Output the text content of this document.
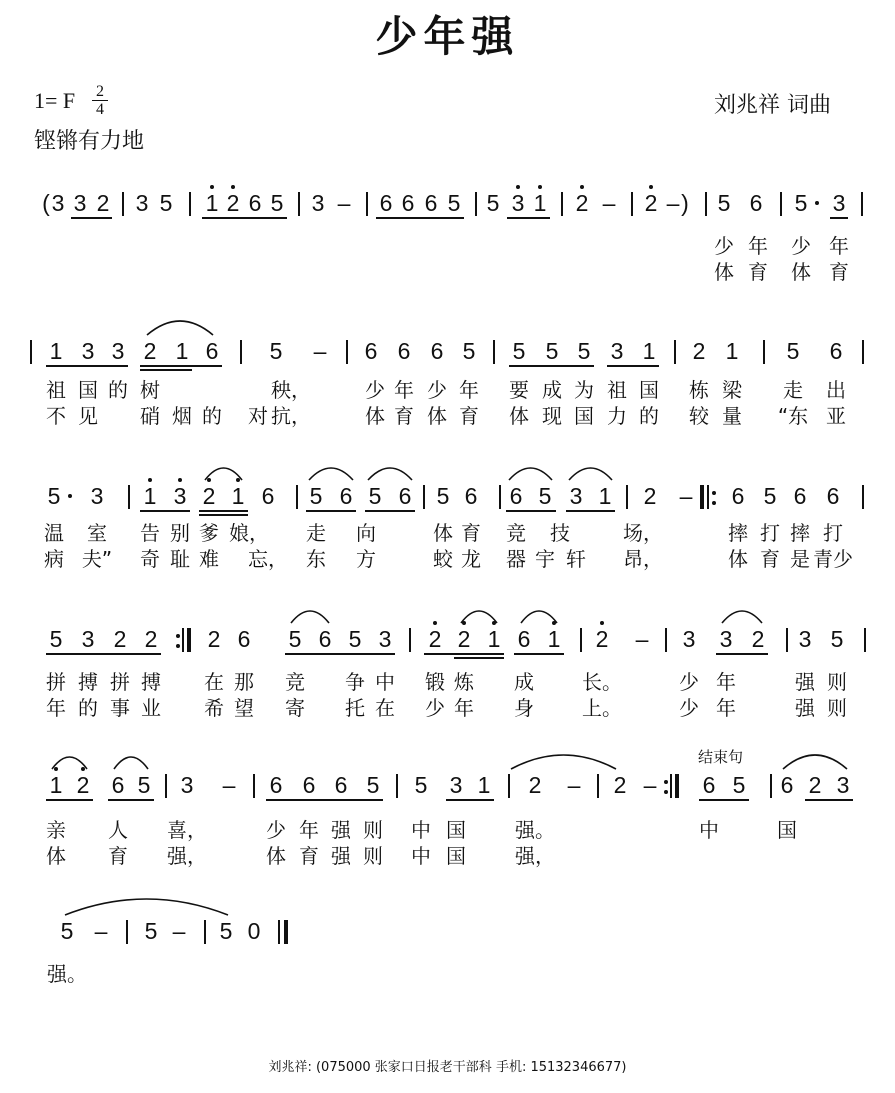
少年强
1= F 2
4
铿锵有力地
刘兆祥 词曲
结束句
( 3 3 2 3 5 1 2 6 5 3 – 6 6 6 5 5 3 1 2 – 2 – ) 5 6 5 3
1 3 3 2 1 6 5 – 6 6 6 5 5 5 5 3 1 2 1 5 6
5 3 1 3 2 1 6 5 6 5 6 5 6 6 5 3 1 2 – 6 5 6 6
5 3 2 2 2 6 5 6 5 3 2 2 1 6 1 2 – 3 3 2 3 5
1 2 6 5 3 – 6 6 6 5 5 3 1 2 – 2 – 6 5 6 2 3
5 – 5 – 5 0
少 年 少 年
体 育 体 育
祖 国 的 树	秧，	少 年 少 年 要 成 为 祖 国 栋 梁 走 出
不 见 硝 烟 的 对 抗，	体 育 体 育 体 现 国 力 的 较 量 “东 亚
温 室 告 别 爹 娘， 走 向	体 育 竞 技	场，	摔 打 摔 打
病 夫” 奇 耻 难 忘， 东 方	蛟 龙 器 宇 轩 昂，	体 育 是 青少
拼 搏 拼 搏 在 那 竞 争 中 锻 炼 成 长。	少 年	强 则
年 的 事 业 希 望 寄 托 在 少 年 身 上。	少 年	强 则
亲 人 喜，	少 年 强 则 中 国 强。	中	国
体 育 强，	体 育 强 则 中 国 强，
强。
刘兆祥: (075000 张家口日报老干部科 手机: 15132346677)
